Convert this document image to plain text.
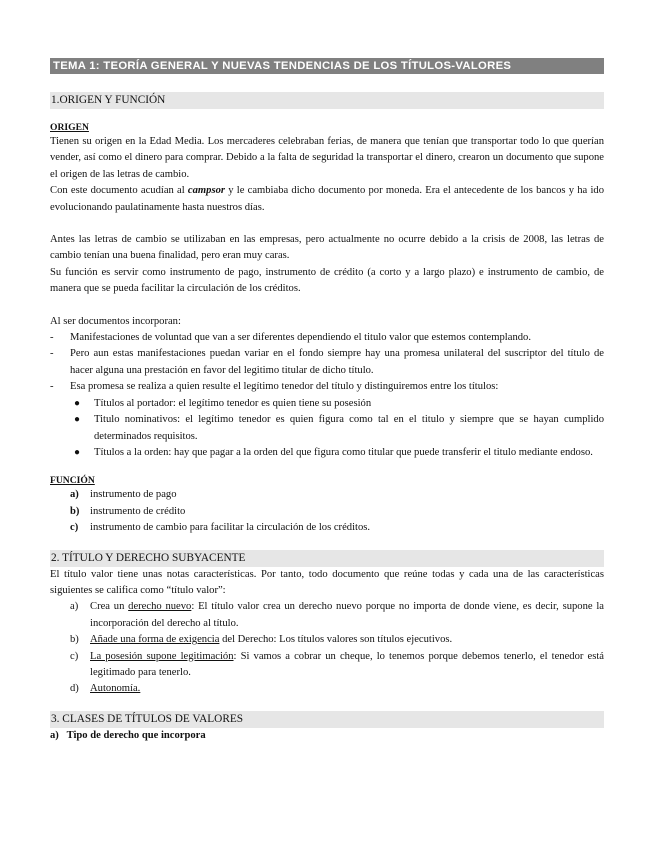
TEMA 1: TEORÍA GENERAL Y NUEVAS TENDENCIAS DE LOS TÍTULOS-VALORES
1.ORIGEN Y FUNCIÓN
ORIGEN

Tienen su origen en la Edad Media. Los mercaderes celebraban ferias, de manera que tenían que transportar todo lo que querían vender, así como el dinero para comprar. Debido a la falta de seguridad la transportar el dinero, crearon un documento que supone el origen de las letras de cambio.

Con este documento acudían al campsor y le cambiaba dicho documento por moneda. Era el antecedente de los bancos y ha ido evolucionando paulatinamente hasta nuestros días.

Antes las letras de cambio se utilizaban en las empresas, pero actualmente no ocurre debido a la crisis de 2008, las letras de cambio tenían una buena finalidad, pero eran muy caras.

Su función es servir como instrumento de pago, instrumento de crédito (a corto y a largo plazo) e instrumento de cambio, de manera que se pueda facilitar la circulación de los créditos.

Al ser documentos incorporan:

- Manifestaciones de voluntad que van a ser diferentes dependiendo el titulo valor que estemos contemplando.
- Pero aun estas manifestaciones puedan variar en el fondo siempre hay una promesa unilateral del suscriptor del título de hacer alguna una prestación en favor del legitimo titular de dicho título.
- Esa promesa se realiza a quien resulte el legítimo tenedor del título y distinguiremos entre los títulos:
● Títulos al portador: el legítimo tenedor es quien tiene su posesión
● Titulo nominativos: el legítimo tenedor es quien figura como tal en el titulo y siempre que se hayan cumplido determinados requisitos.
● Títulos a la orden: hay que pagar a la orden del que figura como titular que puede transferir el titulo mediante endoso.
FUNCIÓN
a) instrumento de pago
b) instrumento de crédito
c) instrumento de cambio para facilitar la circulación de los créditos.
2. TÍTULO Y DERECHO SUBYACENTE

El título valor tiene unas notas características. Por tanto, todo documento que reúne todas y cada una de las características siguientes se califica como “título valor”:

a) Crea un derecho nuevo: El título valor crea un derecho nuevo porque no importa de donde viene, es decir, supone la incorporación del derecho al título.
b) Añade una forma de exigencia del Derecho: Los títulos valores son títulos ejecutivos.
c) La posesión supone legitimación: Si vamos a cobrar un cheque, lo tenemos porque debemos tenerlo, el tenedor está legitimado para tenerlo.
d) Autonomía.
3. CLASES DE TÍTULOS DE VALORES
a)   Tipo de derecho que incorpora
